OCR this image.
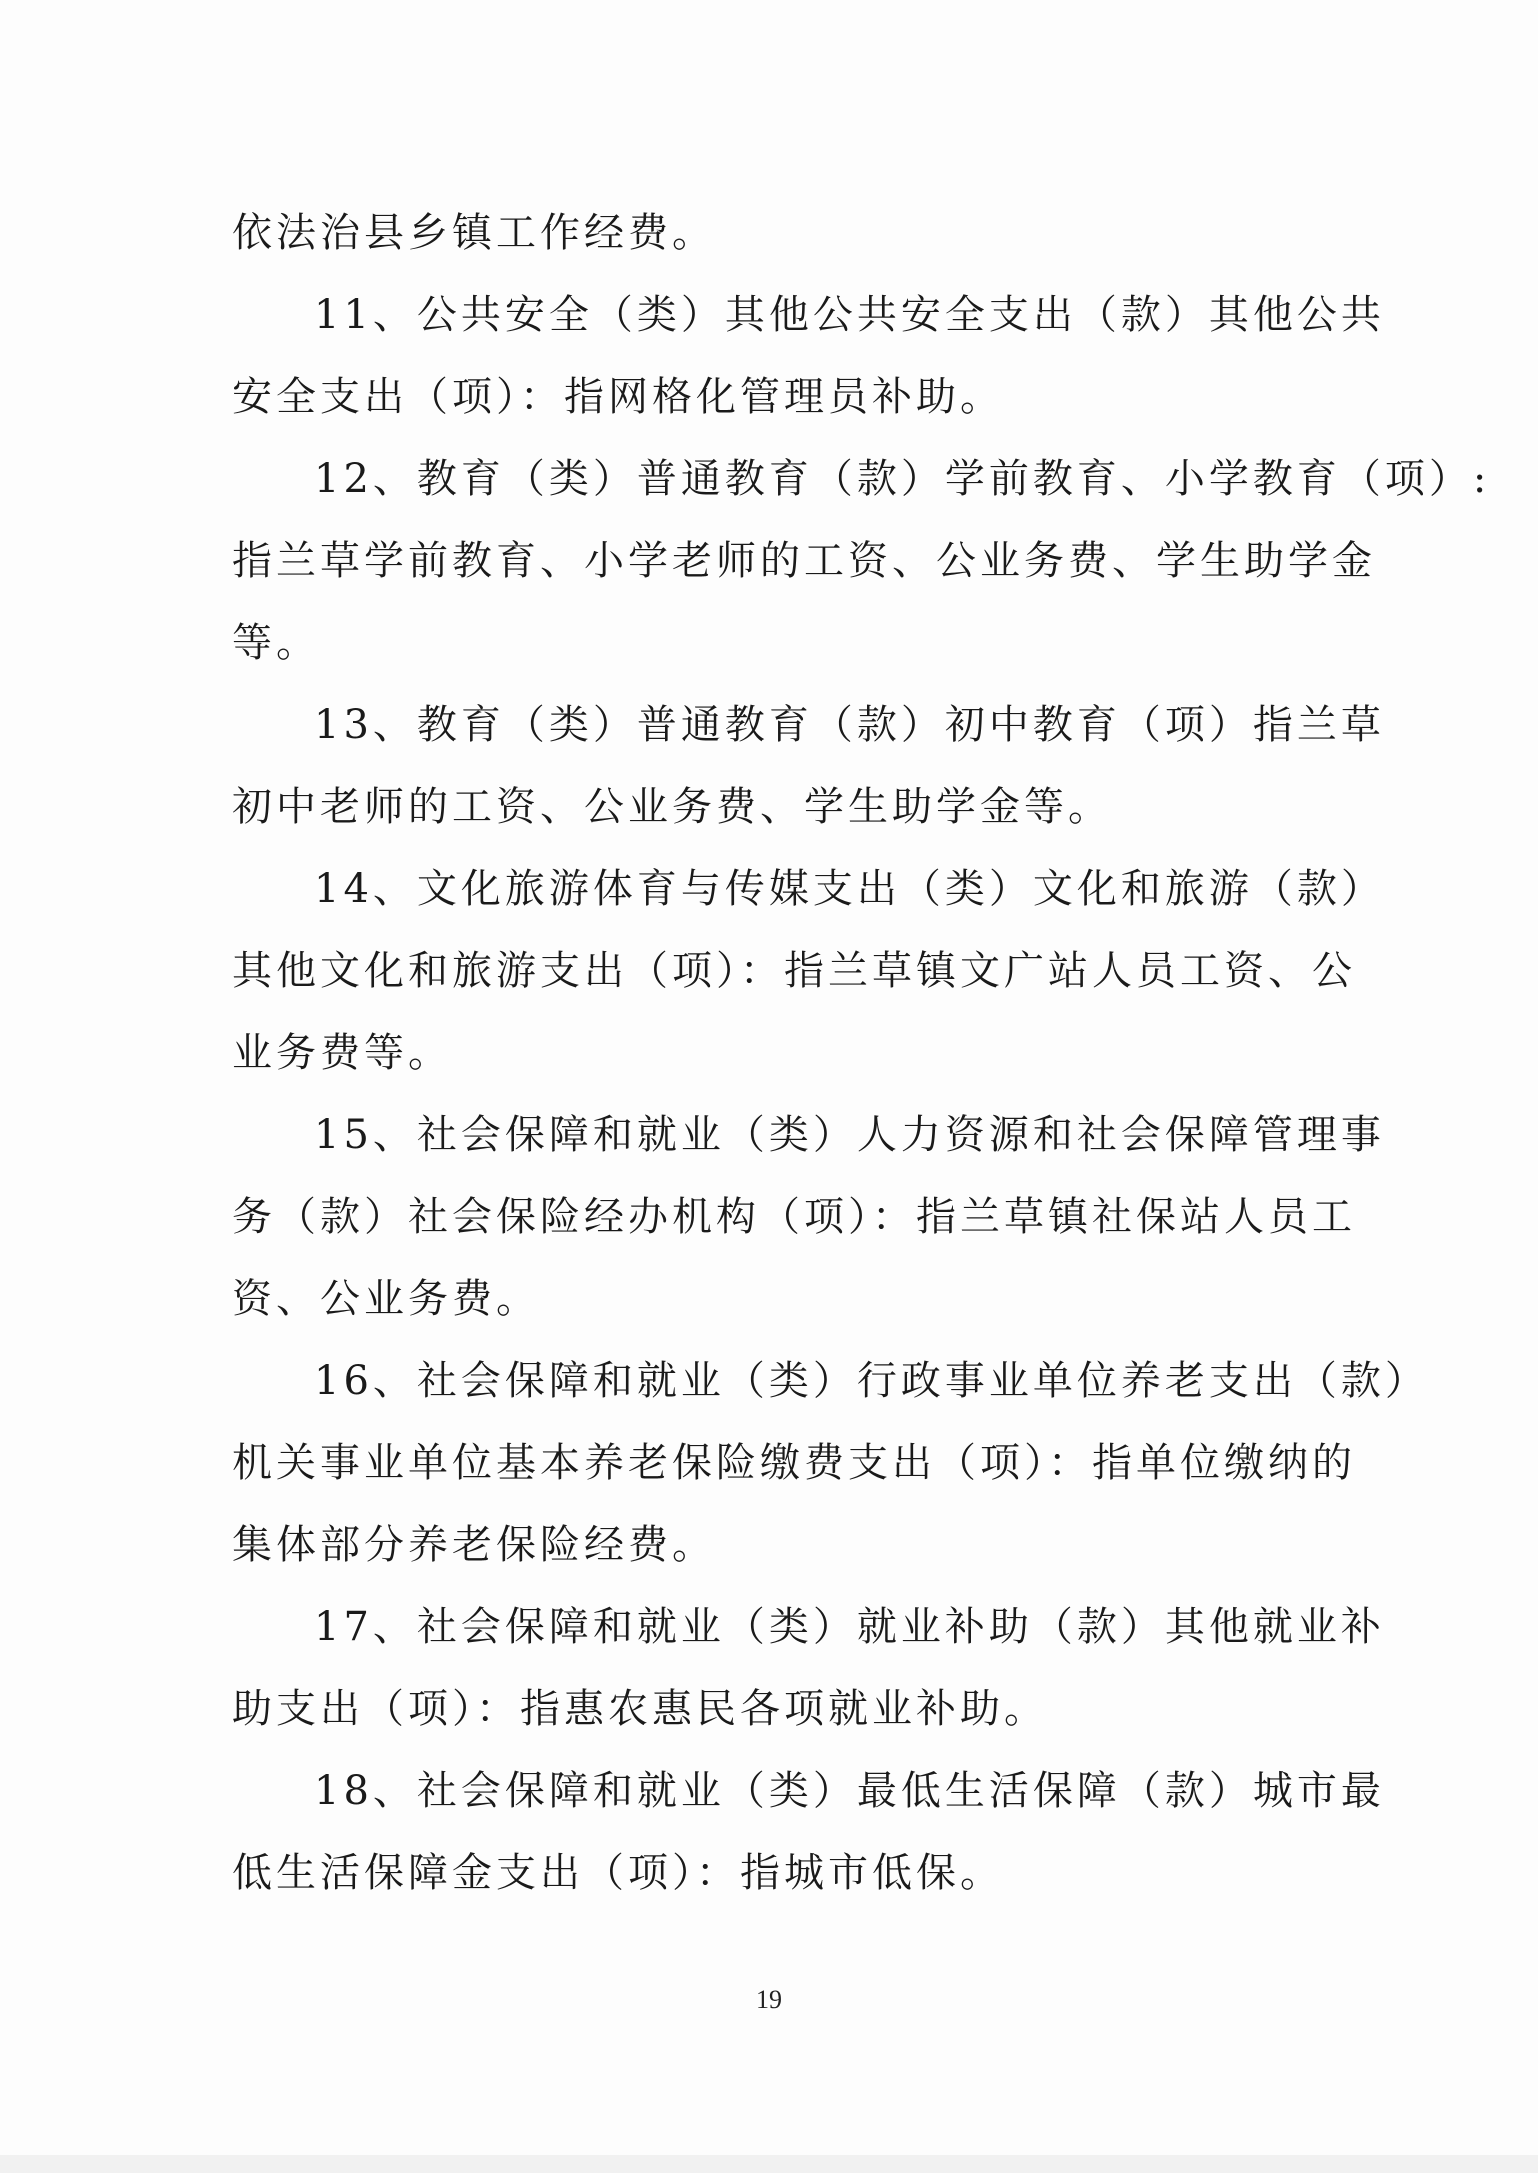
依法治县乡镇工作经费。
11、公共安全（类）其他公共安全支出（款）其他公共
安全支出（项）：指网格化管理员补助。
12、教育（类）普通教育（款）学前教育、小学教育（项）:
指兰草学前教育、小学老师的工资、公业务费、学生助学金
等。
13、教育（类）普通教育（款）初中教育（项）指兰草
初中老师的工资、公业务费、学生助学金等。
14、文化旅游体育与传媒支出（类）文化和旅游（款）
其他文化和旅游支出（项）：指兰草镇文广站人员工资、公
业务费等。
15、社会保障和就业（类）人力资源和社会保障管理事
务（款）社会保险经办机构（项）：指兰草镇社保站人员工
资、公业务费。
16、社会保障和就业（类）行政事业单位养老支出（款）
机关事业单位基本养老保险缴费支出（项）：指单位缴纳的
集体部分养老保险经费。
17、社会保障和就业（类）就业补助（款）其他就业补
助支出（项）：指惠农惠民各项就业补助。
18、社会保障和就业（类）最低生活保障（款）城市最
低生活保障金支出（项）：指城市低保。
19
